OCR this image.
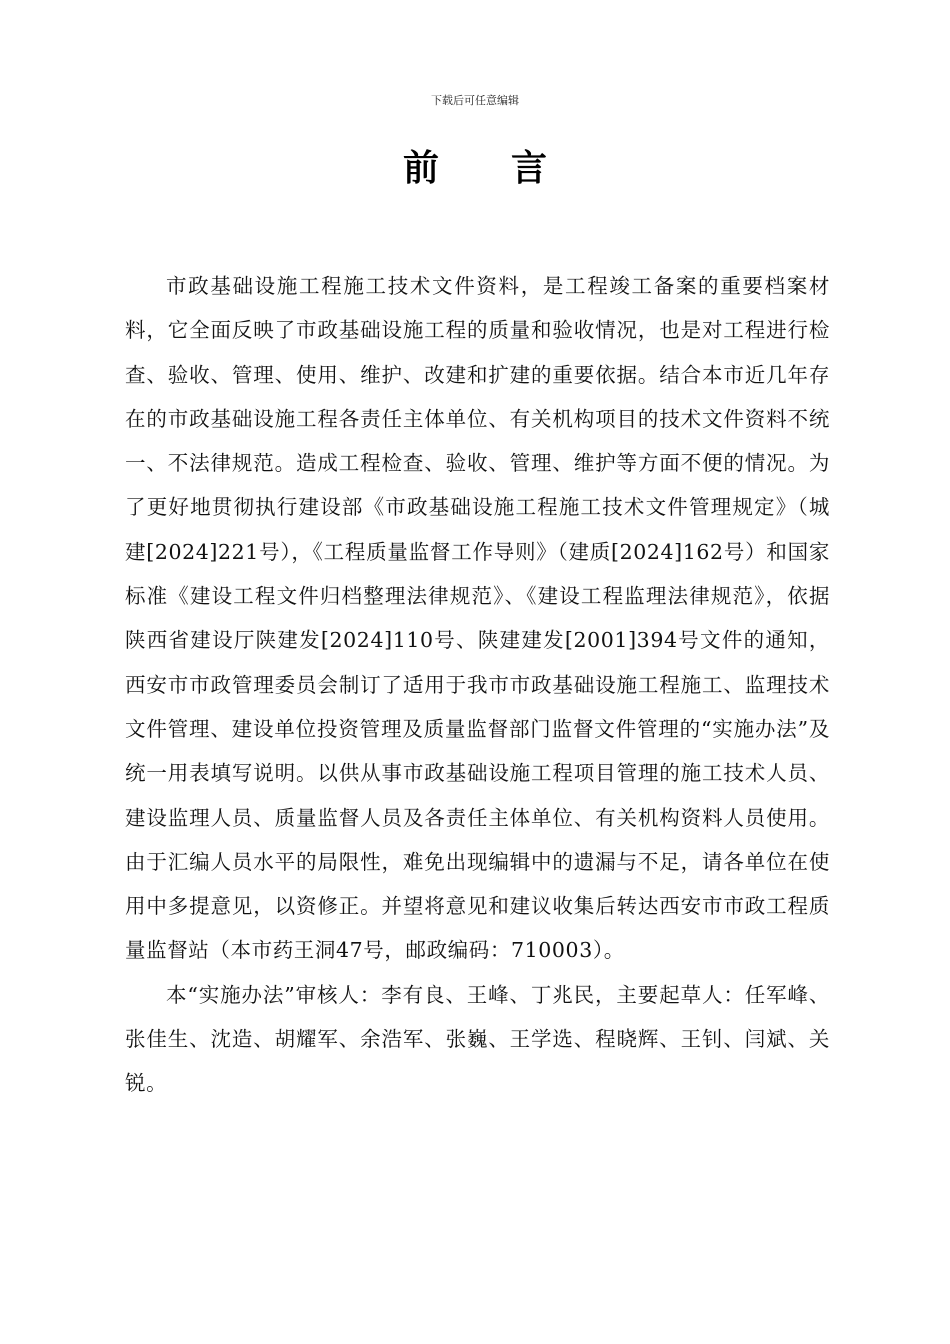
下载后可任意编辑
前言

市政基础设施工程施工技术文件资料，是工程竣工备案的重要档案材料，它全面反映了市政基础设施工程的质量和验收情况，也是对工程进行检查、验收、管理、使用、维护、改建和扩建的重要依据。结合本市近几年存在的市政基础设施工程各责任主体单位、有关机构项目的技术文件资料不统一、不法律规范。造成工程检查、验收、管理、维护等方面不便的情况。为了更好地贯彻执行建设部《市政基础设施工程施工技术文件管理规定》（城建[2024]221号），《工程质量监督工作导则》（建质[2024]162号）和国家标准《建设工程文件归档整理法律规范》、《建设工程监理法律规范》，依据陕西省建设厅陕建发[2024]110号、陕建建发[2001]394号文件的通知，西安市市政管理委员会制订了适用于我市市政基础设施工程施工、监理技术文件管理、建设单位投资管理及质量监督部门监督文件管理的“实施办法”及统一用表填写说明。以供从事市政基础设施工程项目管理的施工技术人员、建设监理人员、质量监督人员及各责任主体单位、有关机构资料人员使用。由于汇编人员水平的局限性，难免出现编辑中的遗漏与不足，请各单位在使用中多提意见，以资修正。并望将意见和建议收集后转达西安市市政工程质量监督站（本市药王洞47号，邮政编码：710003）。

本“实施办法”审核人：李有良、王峰、丁兆民，主要起草人：任军峰、张佳生、沈造、胡耀军、余浩军、张巍、王学选、程晓辉、王钊、闫斌、关锐。
